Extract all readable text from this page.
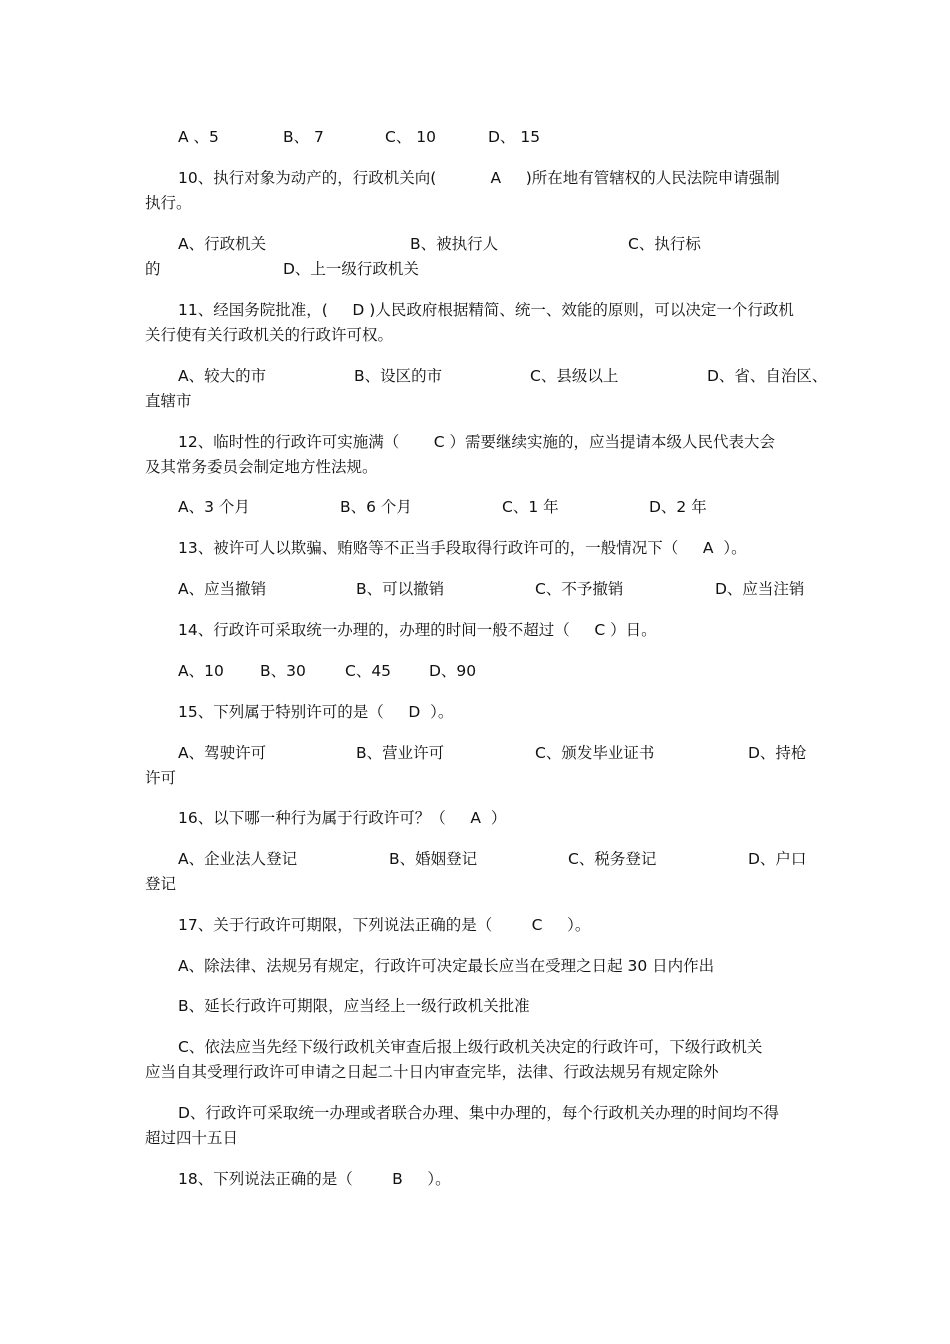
A 、5	B、 7	C、 10	D、 15
10、执行对象为动产的，行政机关向(           A     )所在地有管辖权的人民法院申请强制
执行。
A、行政机关	B、被执行人	C、执行标
的	D、上一级行政机关
11、经国务院批准，(     D )人民政府根据精简、统一、效能的原则，可以决定一个行政机
关行使有关行政机关的行政许可权。
A、较大的市	B、设区的市	C、县级以上	D、省、自治区、
直辖市
12、临时性的行政许可实施满（       C ）需要继续实施的，应当提请本级人民代表大会
及其常务委员会制定地方性法规。
A、3 个月	B、6 个月	C、1 年	D、2 年
13、被许可人以欺骗、贿赂等不正当手段取得行政许可的，一般情况下（     A  ）。
A、应当撤销	B、可以撤销	C、不予撤销	D、应当注销
14、行政许可采取统一办理的，办理的时间一般不超过（     C ）日。
A、10 B、30	C、45 D、90
15、下列属于特别许可的是（     D  ）。
A、驾驶许可	B、营业许可	C、颁发毕业证书	D、持枪
许可
16、以下哪一种行为属于行政许可？（     A  ）
A、企业法人登记	B、婚姻登记	C、税务登记	D、户口
登记
17、关于行政许可期限，下列说法正确的是（        C     ）。
A、除法律、法规另有规定，行政许可决定最长应当在受理之日起 30 日内作出
B、延长行政许可期限，应当经上一级行政机关批准
C、依法应当先经下级行政机关审查后报上级行政机关决定的行政许可，下级行政机关
应当自其受理行政许可申请之日起二十日内审查完毕，法律、行政法规另有规定除外
D、行政许可采取统一办理或者联合办理、集中办理的，每个行政机关办理的时间均不得
超过四十五日
18、下列说法正确的是（        B     ）。
